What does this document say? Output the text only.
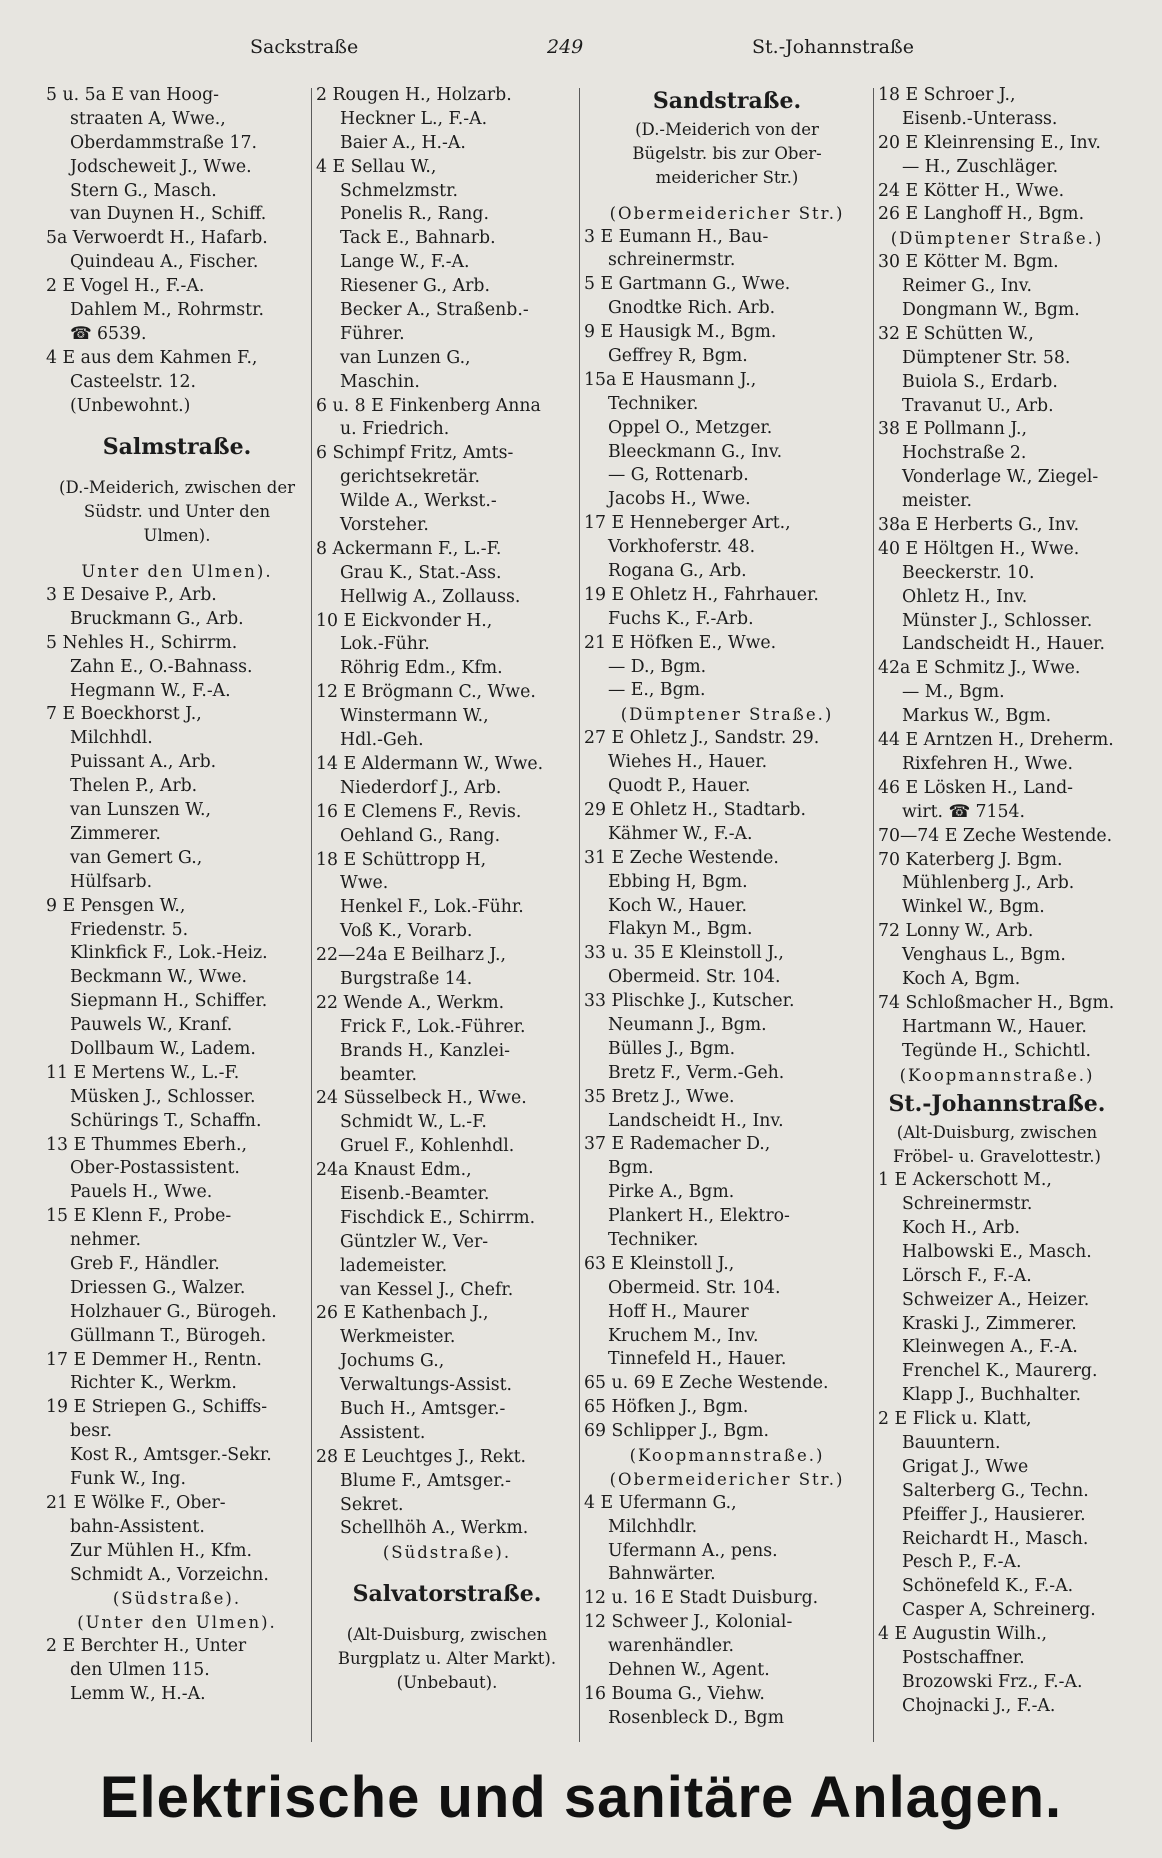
Sackstraße	249	St.-Johannstraße
5 u. 5a E van Hoog-
straaten A, Wwe.,
Oberdammstraße 17.
Jodscheweit J., Wwe.
Stern G., Masch.
van Duynen H., Schiff.
5a Verwoerdt H., Hafarb.
Quindeau A., Fischer.
2 E Vogel H., F.-A.
Dahlem M., Rohrmstr.
☎ 6539.
4 E aus dem Kahmen F.,
Casteelstr. 12.
(Unbewohnt.)
Salmstraße.
(D.-Meiderich, zwischen der
Südstr. und Unter den
Ulmen).
Unter den Ulmen).
3 E Desaive P., Arb.
Bruckmann G., Arb.
5 Nehles H., Schirrm.
Zahn E., O.-Bahnass.
Hegmann W., F.-A.
7 E Boeckhorst J.,
Milchhdl.
Puissant A., Arb.
Thelen P., Arb.
van Lunszen W.,
Zimmerer.
van Gemert G.,
Hülfsarb.
9 E Pensgen W.,
Friedenstr. 5.
Klinkfick F., Lok.-Heiz.
Beckmann W., Wwe.
Siepmann H., Schiffer.
Pauwels W., Kranf.
Dollbaum W., Ladem.
11 E Mertens W., L.-F.
Müsken J., Schlosser.
Schürings T., Schaffn.
13 E Thummes Eberh.,
Ober-Postassistent.
Pauels H., Wwe.
15 E Klenn F., Probe-
nehmer.
Greb F., Händler.
Driessen G., Walzer.
Holzhauer G., Bürogeh.
Güllmann T., Bürogeh.
17 E Demmer H., Rentn.
Richter K., Werkm.
19 E Striepen G., Schiffs-
besr.
Kost R., Amtsger.-Sekr.
Funk W., Ing.
21 E Wölke F., Ober-
bahn-Assistent.
Zur Mühlen H., Kfm.
Schmidt A., Vorzeichn.
(Südstraße).
(Unter den Ulmen).
2 E Berchter H., Unter
den Ulmen 115.
Lemm W., H.-A.
2 Rougen H., Holzarb.
Heckner L., F.-A.
Baier A., H.-A.
4 E Sellau W.,
Schmelzmstr.
Ponelis R., Rang.
Tack E., Bahnarb.
Lange W., F.-A.
Riesener G., Arb.
Becker A., Straßenb.-
Führer.
van Lunzen G.,
Maschin.
6 u. 8 E Finkenberg Anna
u. Friedrich.
6 Schimpf Fritz, Amts-
gerichtsekretär.
Wilde A., Werkst.-
Vorsteher.
8 Ackermann F., L.-F.
Grau K., Stat.-Ass.
Hellwig A., Zollauss.
10 E Eickvonder H.,
Lok.-Führ.
Röhrig Edm., Kfm.
12 E Brögmann C., Wwe.
Winstermann W.,
Hdl.-Geh.
14 E Aldermann W., Wwe.
Niederdorf J., Arb.
16 E Clemens F., Revis.
Oehland G., Rang.
18 E Schüttropp H,
Wwe.
Henkel F., Lok.-Führ.
Voß K., Vorarb.
22—24a E Beilharz J.,
Burgstraße 14.
22 Wende A., Werkm.
Frick F., Lok.-Führer.
Brands H., Kanzlei-
beamter.
24 Süsselbeck H., Wwe.
Schmidt W., L.-F.
Gruel F., Kohlenhdl.
24a Knaust Edm.,
Eisenb.-Beamter.
Fischdick E., Schirrm.
Güntzler W., Ver-
lademeister.
van Kessel J., Chefr.
26 E Kathenbach J.,
Werkmeister.
Jochums G.,
Verwaltungs-Assist.
Buch H., Amtsger.-
Assistent.
28 E Leuchtges J., Rekt.
Blume F., Amtsger.-
Sekret.
Schellhöh A., Werkm.
(Südstraße).
Salvatorstraße.
(Alt-Duisburg, zwischen
Burgplatz u. Alter Markt).
(Unbebaut).
Sandstraße.
(D.-Meiderich von der
Bügelstr. bis zur Ober-
meidericher Str.)
(Obermeidericher Str.)
3 E Eumann H., Bau-
schreinermstr.
5 E Gartmann G., Wwe.
Gnodtke Rich. Arb.
9 E Hausigk M., Bgm.
Geffrey R, Bgm.
15a E Hausmann J.,
Techniker.
Oppel O., Metzger.
Bleeckmann G., Inv.
— G, Rottenarb.
Jacobs H., Wwe.
17 E Henneberger Art.,
Vorkhoferstr. 48.
Rogana G., Arb.
19 E Ohletz H., Fahrhauer.
Fuchs K., F.-Arb.
21 E Höfken E., Wwe.
— D., Bgm.
— E., Bgm.
(Dümptener Straße.)
27 E Ohletz J., Sandstr. 29.
Wiehes H., Hauer.
Quodt P., Hauer.
29 E Ohletz H., Stadtarb.
Kähmer W., F.-A.
31 E Zeche Westende.
Ebbing H, Bgm.
Koch W., Hauer.
Flakyn M., Bgm.
33 u. 35 E Kleinstoll J.,
Obermeid. Str. 104.
33 Plischke J., Kutscher.
Neumann J., Bgm.
Bülles J., Bgm.
Bretz F., Verm.-Geh.
35 Bretz J., Wwe.
Landscheidt H., Inv.
37 E Rademacher D.,
Bgm.
Pirke A., Bgm.
Plankert H., Elektro-
Techniker.
63 E Kleinstoll J.,
Obermeid. Str. 104.
Hoff H., Maurer
Kruchem M., Inv.
Tinnefeld H., Hauer.
65 u. 69 E Zeche Westende.
65 Höfken J., Bgm.
69 Schlipper J., Bgm.
(Koopmannstraße.)
(Obermeidericher Str.)
4 E Ufermann G.,
Milchhdlr.
Ufermann A., pens.
Bahnwärter.
12 u. 16 E Stadt Duisburg.
12 Schweer J., Kolonial-
warenhändler.
Dehnen W., Agent.
16 Bouma G., Viehw.
Rosenbleck D., Bgm
18 E Schroer J.,
Eisenb.-Unterass.
20 E Kleinrensing E., Inv.
— H., Zuschläger.
24 E Kötter H., Wwe.
26 E Langhoff H., Bgm.
(Dümptener Straße.)
30 E Kötter M. Bgm.
Reimer G., Inv.
Dongmann W., Bgm.
32 E Schütten W.,
Dümptener Str. 58.
Buiola S., Erdarb.
Travanut U., Arb.
38 E Pollmann J.,
Hochstraße 2.
Vonderlage W., Ziegel-
meister.
38a E Herberts G., Inv.
40 E Höltgen H., Wwe.
Beeckerstr. 10.
Ohletz H., Inv.
Münster J., Schlosser.
Landscheidt H., Hauer.
42a E Schmitz J., Wwe.
— M., Bgm.
Markus W., Bgm.
44 E Arntzen H., Dreherm.
Rixfehren H., Wwe.
46 E Lösken H., Land-
wirt. ☎ 7154.
70—74 E Zeche Westende.
70 Katerberg J. Bgm.
Mühlenberg J., Arb.
Winkel W., Bgm.
72 Lonny W., Arb.
Venghaus L., Bgm.
Koch A, Bgm.
74 Schloßmacher H., Bgm.
Hartmann W., Hauer.
Tegünde H., Schichtl.
(Koopmannstraße.)
St.-Johannstraße.
(Alt-Duisburg, zwischen
Fröbel- u. Gravelottestr.)
1 E Ackerschott M.,
Schreinermstr.
Koch H., Arb.
Halbowski E., Masch.
Lörsch F., F.-A.
Schweizer A., Heizer.
Kraski J., Zimmerer.
Kleinwegen A., F.-A.
Frenchel K., Maurerg.
Klapp J., Buchhalter.
2 E Flick u. Klatt,
Bauuntern.
Grigat J., Wwe
Salterberg G., Techn.
Pfeiffer J., Hausierer.
Reichardt H., Masch.
Pesch P., F.-A.
Schönefeld K., F.-A.
Casper A, Schreinerg.
4 E Augustin Wilh.,
Postschaffner.
Brozowski Frz., F.-A.
Chojnacki J., F.-A.
Elektrische und sanitäre Anlagen.
